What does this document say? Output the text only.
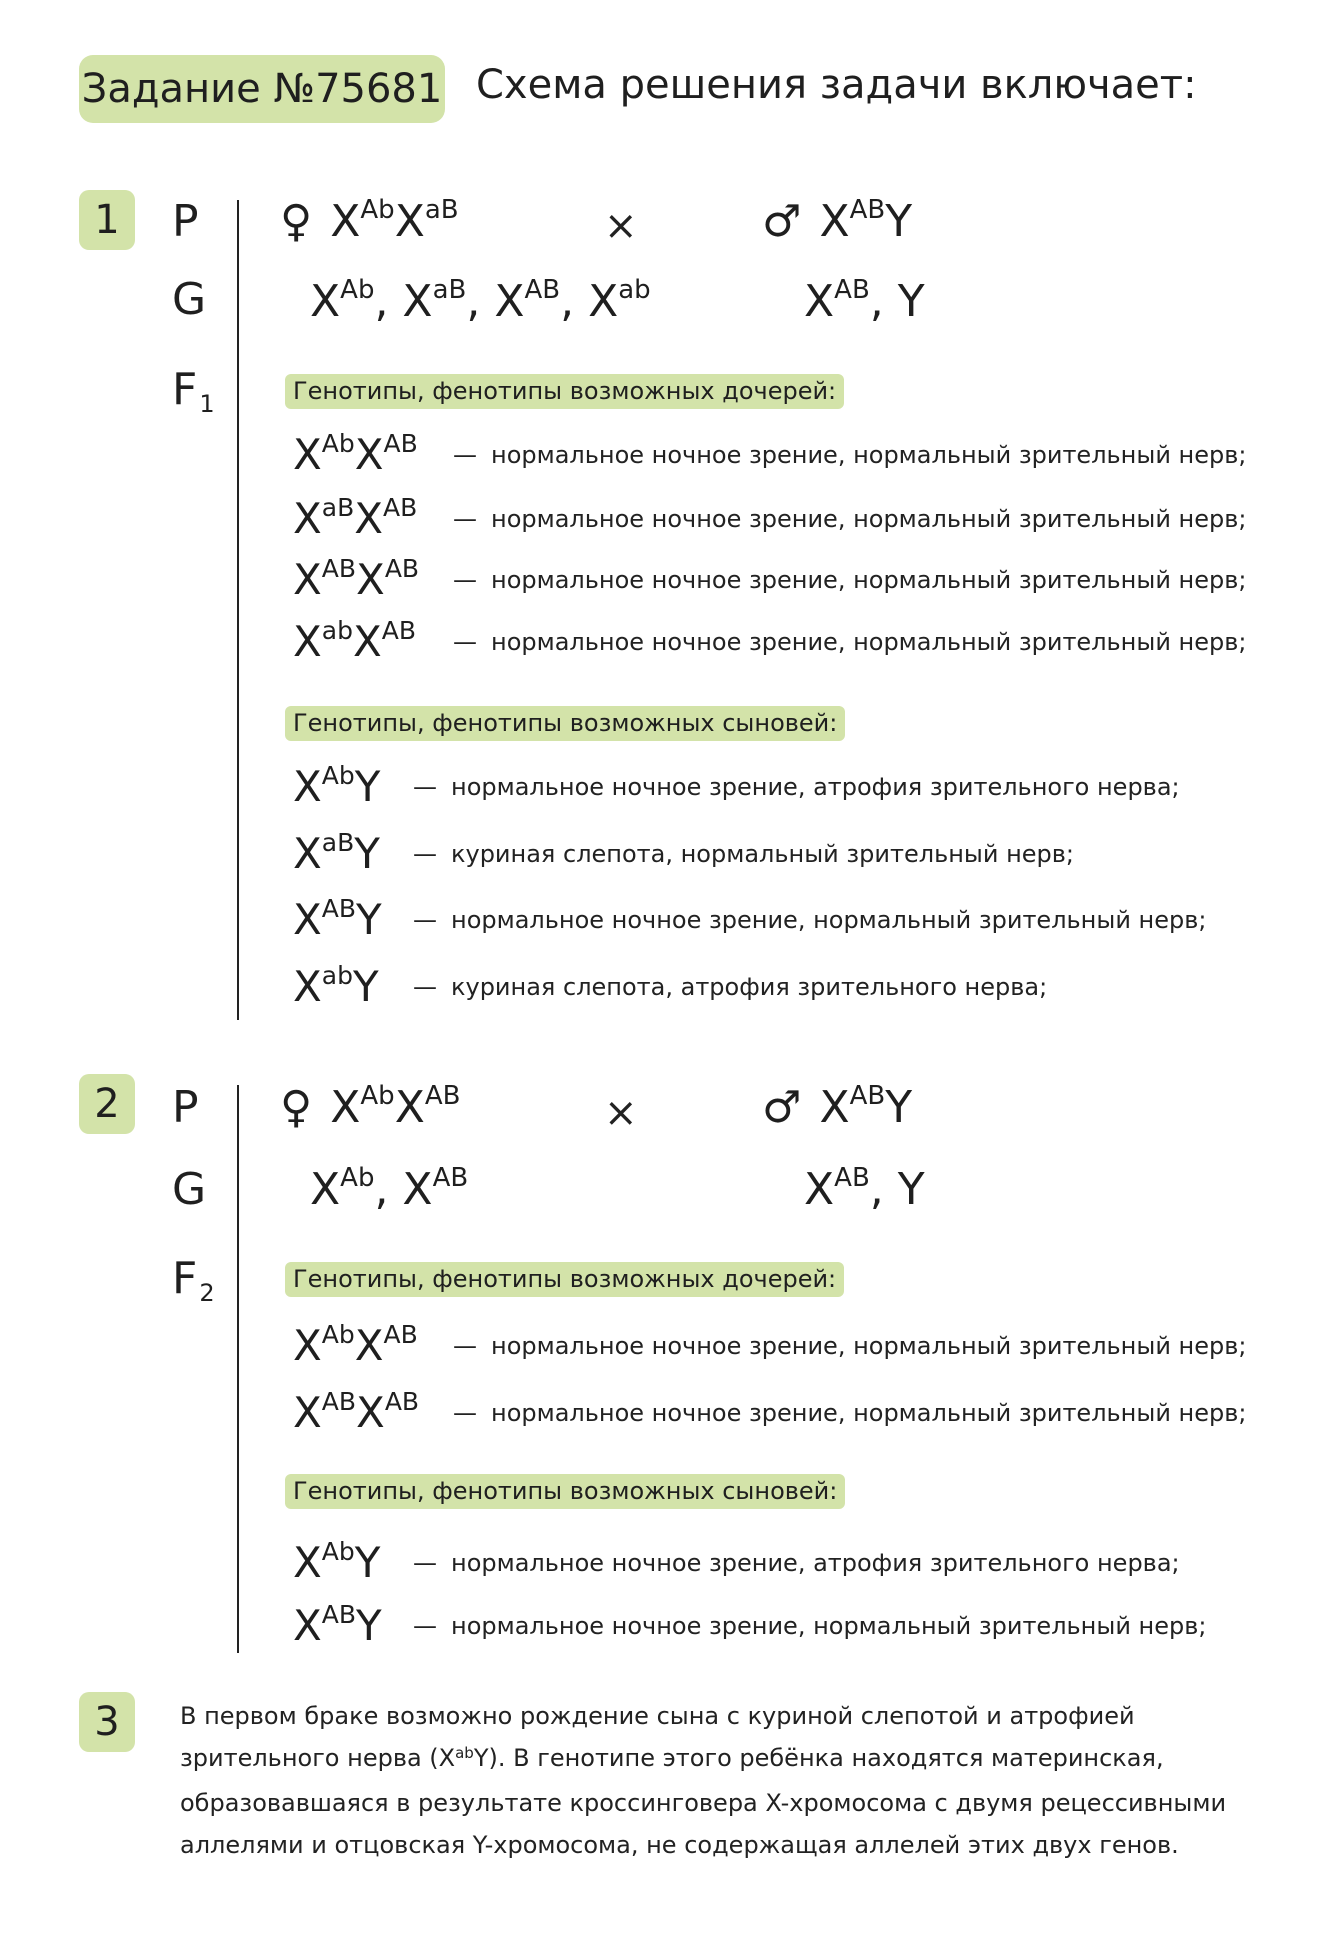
Задание №75681 Схема решения задачи включает:
1 P
G
F1
♀ $X^{Ab}X^{aB}$	×	♂ $X^{AB}Y$
$X^{Ab}$, $X^{aB}$, $X^{AB}$, $X^{ab}$	$X^{AB}$, Y
Генотипы, фенотипы возможных дочерей:
$X^{Ab}X^{AB}$	— нормальное ночное зрение, нормальный зрительный нерв;
$X^{aB}X^{AB}$	— нормальное ночное зрение, нормальный зрительный нерв;
$X^{AB}X^{AB}$	— нормальное ночное зрение, нормальный зрительный нерв;
$X^{ab}X^{AB}$	— нормальное ночное зрение, нормальный зрительный нерв;
Генотипы, фенотипы возможных сыновей:
$X^{Ab}Y$	— нормальное ночное зрение, атрофия зрительного нерва;
$X^{aB}Y$	— куриная слепота, нормальный зрительный нерв;
$X^{AB}Y$	— нормальное ночное зрение, нормальный зрительный нерв;
$X^{ab}Y$	— куриная слепота, атрофия зрительного нерва;
2 P
G
F2
♀ $X^{Ab}X^{AB}$	×	♂ $X^{AB}Y$
$X^{Ab}$, $X^{AB}$	$X^{AB}$, Y
Генотипы, фенотипы возможных дочерей:
$X^{Ab}X^{AB}$	— нормальное ночное зрение, нормальный зрительный нерв;
$X^{AB}X^{AB}$	— нормальное ночное зрение, нормальный зрительный нерв;
Генотипы, фенотипы возможных сыновей:
$X^{Ab}Y$	— нормальное ночное зрение, атрофия зрительного нерва;
$X^{AB}Y$	— нормальное ночное зрение, нормальный зрительный нерв;
3	В первом браке возможно рождение сына с куриной слепотой и атрофией зрительного нерва $(X^{ab}Y)$. В генотипе этого ребёнка находятся материнская, образовавшаяся в результате кроссинговера X-хромосома с двумя рецессивными аллелями и отцовская Y-хромосома, не содержащая аллелей этих двух генов.
